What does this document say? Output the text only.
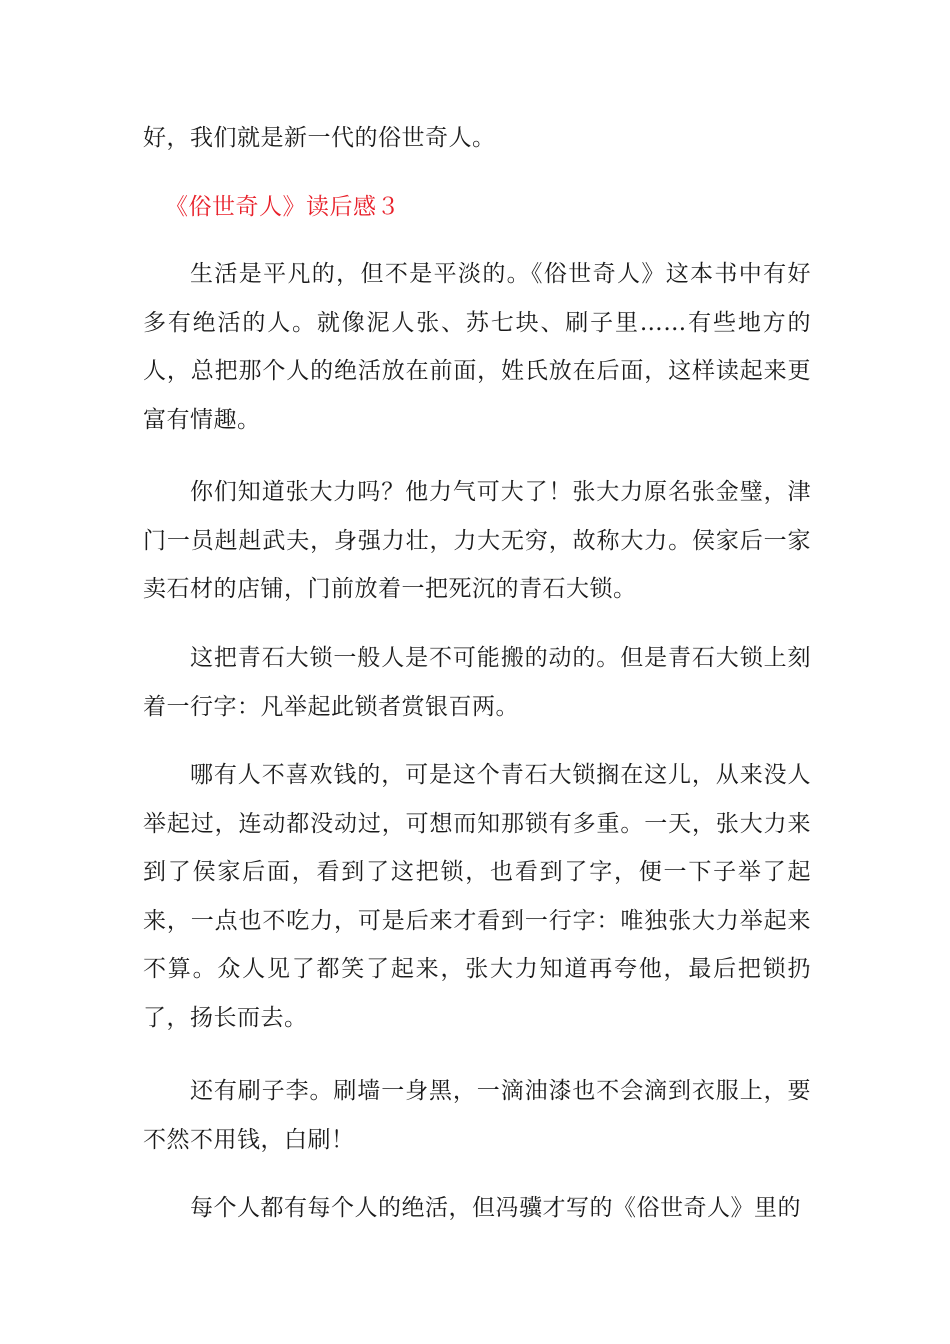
好，我们就是新一代的俗世奇人。
《俗世奇人》读后感３
生活是平凡的，但不是平淡的。《俗世奇人》这本书中有好多有绝活的人。就像泥人张、苏七块、刷子里……有些地方的人，总把那个人的绝活放在前面，姓氏放在后面，这样读起来更富有情趣。
你们知道张大力吗？他力气可大了！张大力原名张金璧，津门一员赳赳武夫，身强力壮，力大无穷，故称大力。侯家后一家卖石材的店铺，门前放着一把死沉的青石大锁。
这把青石大锁一般人是不可能搬的动的。但是青石大锁上刻着一行字：凡举起此锁者赏银百两。
哪有人不喜欢钱的，可是这个青石大锁搁在这儿，从来没人举起过，连动都没动过，可想而知那锁有多重。一天，张大力来到了侯家后面，看到了这把锁，也看到了字，便一下子举了起来，一点也不吃力，可是后来才看到一行字：唯独张大力举起来不算。众人见了都笑了起来，张大力知道再夸他，最后把锁扔了，扬长而去。
还有刷子李。刷墙一身黑，一滴油漆也不会滴到衣服上，要不然不用钱，白刷！
每个人都有每个人的绝活，但冯骥才写的《俗世奇人》里的
